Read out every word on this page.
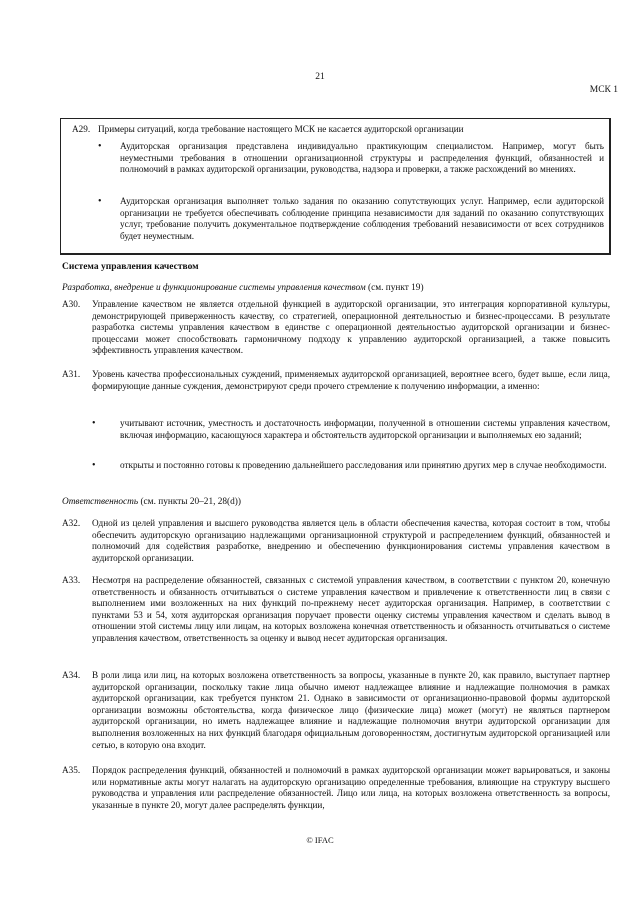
21
МСК 1
A29. Примеры ситуаций, когда требование настоящего МСК не касается аудиторской организации
• Аудиторская организация представлена индивидуально практикующим специалистом. Например, могут быть неуместными требования в отношении организационной структуры и распределения функций, обязанностей и полномочий в рамках аудиторской организации, руководства, надзора и проверки, а также расхождений во мнениях.
• Аудиторская организация выполняет только задания по оказанию сопутствующих услуг. Например, если аудиторской организации не требуется обеспечивать соблюдение принципа независимости для заданий по оказанию сопутствующих услуг, требование получить документальное подтверждение соблюдения требований независимости от всех сотрудников будет неуместным.
Система управления качеством
Разработка, внедрение и функционирование системы управления качеством (см. пункт 19)
A30. Управление качеством не является отдельной функцией в аудиторской организации, это интеграция корпоративной культуры, демонстрирующей приверженность качеству, со стратегией, операционной деятельностью и бизнес-процессами. В результате разработка системы управления качеством в единстве с операционной деятельностью аудиторской организации и бизнес-процессами может способствовать гармоничному подходу к управлению аудиторской организацией, а также повысить эффективность управления качеством.
A31. Уровень качества профессиональных суждений, применяемых аудиторской организацией, вероятнее всего, будет выше, если лица, формирующие данные суждения, демонстрируют среди прочего стремление к получению информации, а именно:
•	учитывают источник, уместность и достаточность информации, полученной в отношении системы управления качеством, включая информацию, касающуюся характера и обстоятельств аудиторской организации и выполняемых ею заданий;
•	открыты и постоянно готовы к проведению дальнейшего расследования или принятию других мер в случае необходимости.
Ответственность (см. пункты 20–21, 28(d))
A32. Одной из целей управления и высшего руководства является цель в области обеспечения качества, которая состоит в том, чтобы обеспечить аудиторскую организацию надлежащими организационной структурой и распределением функций, обязанностей и полномочий для содействия разработке, внедрению и обеспечению функционирования системы управления качеством в аудиторской организации.
A33. Несмотря на распределение обязанностей, связанных с системой управления качеством, в соответствии с пунктом 20, конечную ответственность и обязанность отчитываться о системе управления качеством и привлечение к ответственности лиц в связи с выполнением ими возложенных на них функций по-прежнему несет аудиторская организация. Например, в соответствии с пунктами 53 и 54, хотя аудиторская организация поручает провести оценку системы управления качеством и сделать вывод в отношении этой системы лицу или лицам, на которых возложена конечная ответственность и обязанность отчитываться о системе управления качеством, ответственность за оценку и вывод несет аудиторская организация.
A34. В роли лица или лиц, на которых возложена ответственность за вопросы, указанные в пункте 20, как правило, выступает партнер аудиторской организации, поскольку такие лица обычно имеют надлежащее влияние и надлежащие полномочия в рамках аудиторской организации, как требуется пунктом 21. Однако в зависимости от организационно-правовой формы аудиторской организации возможны обстоятельства, когда физическое лицо (физические лица) может (могут) не являться партнером аудиторской организации, но иметь надлежащее влияние и надлежащие полномочия внутри аудиторской организации для выполнения возложенных на них функций благодаря официальным договоренностям, достигнутым аудиторской организацией или сетью, в которую она входит.
A35. Порядок распределения функций, обязанностей и полномочий в рамках аудиторской организации может варьироваться, и законы или нормативные акты могут налагать на аудиторскую организацию определенные требования, влияющие на структуру высшего руководства и управления или распределение обязанностей. Лицо или лица, на которых возложена ответственность за вопросы, указанные в пункте 20, могут далее распределять функции,
© IFAC
